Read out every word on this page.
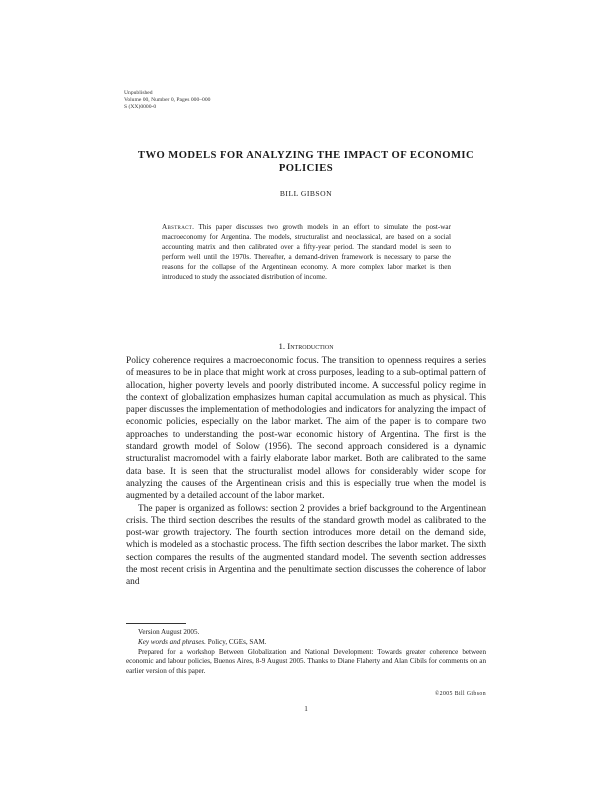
Unpublished
Volume 00, Number 0, Pages 000–000
S (XX)0000-0
TWO MODELS FOR ANALYZING THE IMPACT OF ECONOMIC POLICIES
BILL GIBSON
Abstract. This paper discusses two growth models in an effort to simulate the post-war macroeconomy for Argentina. The models, structuralist and neoclassical, are based on a social accounting matrix and then calibrated over a fifty-year period. The standard model is seen to perform well until the 1970s. Thereafter, a demand-driven framework is necessary to parse the reasons for the collapse of the Argentinean economy. A more complex labor market is then introduced to study the associated distribution of income.
1. Introduction

Policy coherence requires a macroeconomic focus. The transition to openness requires a series of measures to be in place that might work at cross purposes, leading to a sub-optimal pattern of allocation, higher poverty levels and poorly distributed income. A successful policy regime in the context of globalization emphasizes human capital accumulation as much as physical. This paper discusses the implementation of methodologies and indicators for analyzing the impact of economic policies, especially on the labor market. The aim of the paper is to compare two approaches to understanding the post-war economic history of Argentina. The first is the standard growth model of Solow (1956). The second approach considered is a dynamic structuralist macromodel with a fairly elaborate labor market. Both are calibrated to the same data base. It is seen that the structuralist model allows for considerably wider scope for analyzing the causes of the Argentinean crisis and this is especially true when the model is augmented by a detailed account of the labor market.

The paper is organized as follows: section 2 provides a brief background to the Argentinean crisis. The third section describes the results of the standard growth model as calibrated to the post-war growth trajectory. The fourth section introduces more detail on the demand side, which is modeled as a stochastic process. The fifth section describes the labor market. The sixth section compares the results of the augmented standard model. The seventh section addresses the most recent crisis in Argentina and the penultimate section discusses the coherence of labor and

Version August 2005.

Key words and phrases. Policy, CGEs, SAM.

Prepared for a workshop Between Globalization and National Development: Towards greater coherence between economic and labour policies, Buenos Aires, 8-9 August 2005. Thanks to Diane Flaherty and Alan Cibils for comments on an earlier version of this paper.

©2005 Bill Gibson
1
